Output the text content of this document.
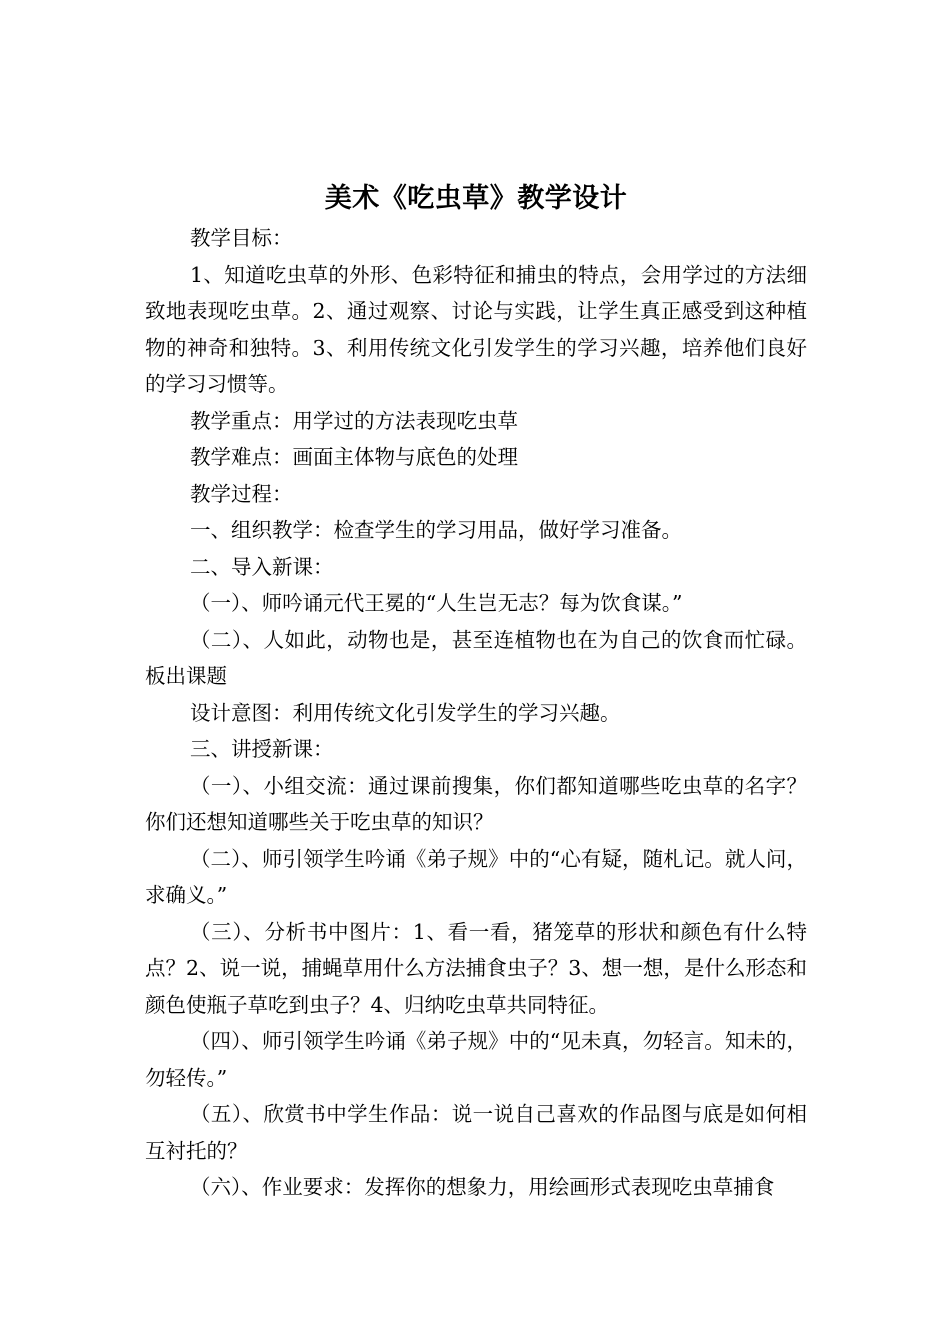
美术《吃虫草》教学设计

教学目标：

1、知道吃虫草的外形、色彩特征和捕虫的特点，会用学过的方法细致地表现吃虫草。2、通过观察、讨论与实践，让学生真正感受到这种植物的神奇和独特。3、利用传统文化引发学生的学习兴趣，培养他们良好的学习习惯等。

教学重点：用学过的方法表现吃虫草

教学难点：画面主体物与底色的处理

教学过程：

一、组织教学：检查学生的学习用品，做好学习准备。

二、导入新课：

（一）、师吟诵元代王冕的“人生岂无志？每为饮食谋。”

（二）、人如此，动物也是，甚至连植物也在为自己的饮食而忙碌。板出课题

设计意图：利用传统文化引发学生的学习兴趣。

三、讲授新课：

（一）、小组交流：通过课前搜集，你们都知道哪些吃虫草的名字？你们还想知道哪些关于吃虫草的知识？

（二）、师引领学生吟诵《弟子规》中的“心有疑，随札记。就人问，求确义。”

（三）、分析书中图片：1、看一看，猪笼草的形状和颜色有什么特点？2、说一说，捕蝇草用什么方法捕食虫子？3、想一想，是什么形态和颜色使瓶子草吃到虫子？4、归纳吃虫草共同特征。

（四）、师引领学生吟诵《弟子规》中的“见未真，勿轻言。知未的，勿轻传。”

（五）、欣赏书中学生作品：说一说自己喜欢的作品图与底是如何相互衬托的？

（六）、作业要求：发挥你的想象力，用绘画形式表现吃虫草捕食
